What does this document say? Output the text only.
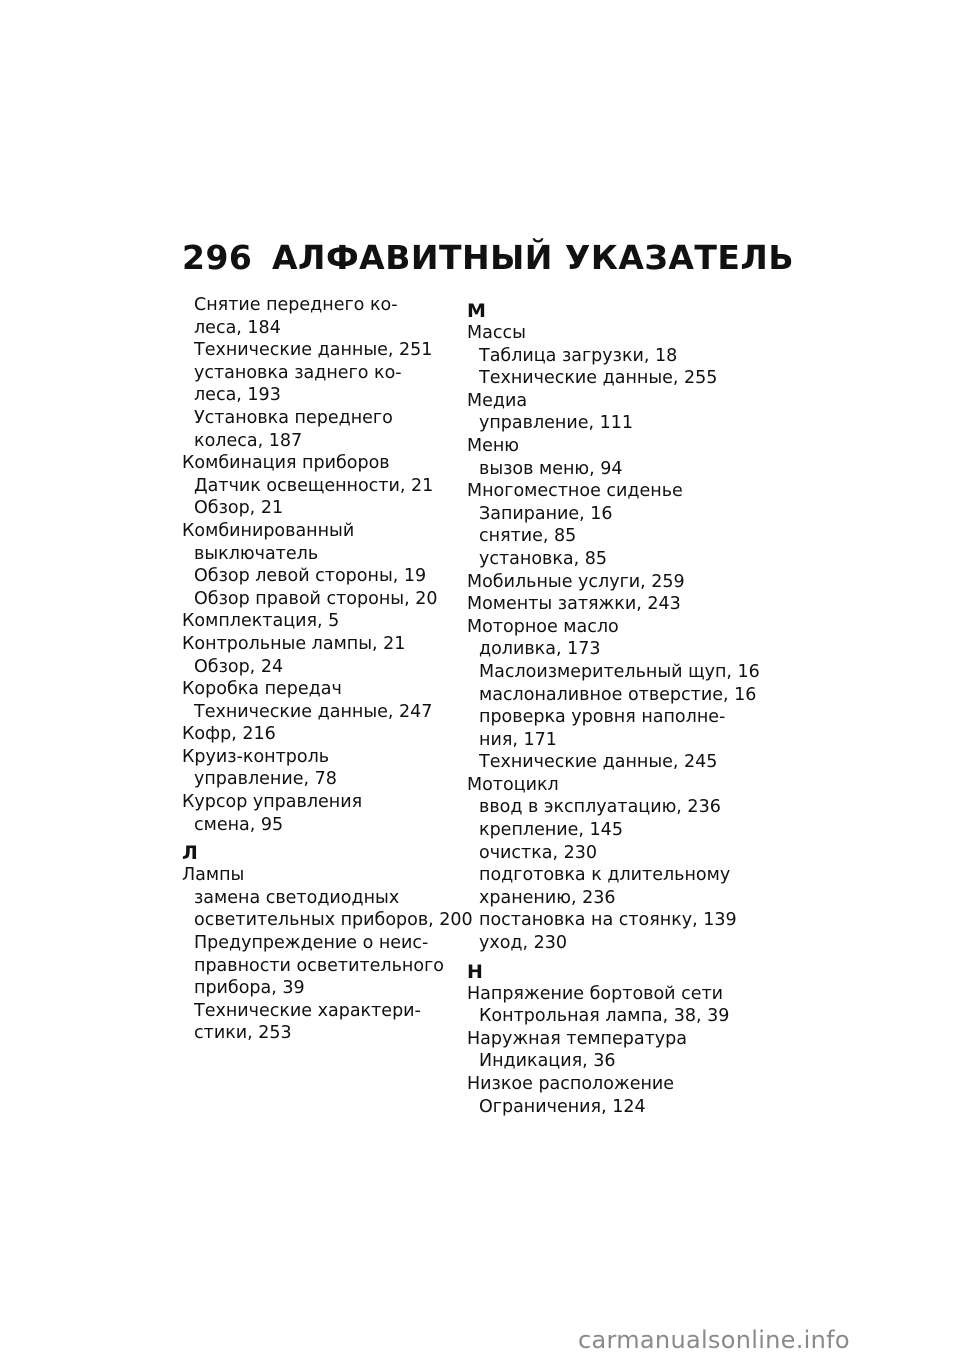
296 АЛФАВИТНЫЙ УКАЗАТЕЛЬ
Снятие переднего ко-
леса, 184
Технические данные, 251
установка заднего ко-
леса, 193
Установка переднего
колеса, 187
Комбинация приборов
Датчик освещенности, 21
Обзор, 21
Комбинированный
выключатель
Обзор левой стороны, 19
Обзор правой стороны, 20
Комплектация, 5
Контрольные лампы, 21
Обзор, 24
Коробка передач
Технические данные, 247
Кофр, 216
Круиз-контроль
управление, 78
Курсор управления
смена, 95
Л
Лампы
замена светодиодных
осветительных приборов, 200
Предупреждение о неис-
правности осветительного
прибора, 39
Технические характери-
стики, 253
М
Массы
Таблица загрузки, 18
Технические данные, 255
Медиа
управление, 111
Меню
вызов меню, 94
Многоместное сиденье
Запирание, 16
снятие, 85
установка, 85
Мобильные услуги, 259
Моменты затяжки, 243
Моторное масло
доливка, 173
Маслоизмерительный щуп, 16
маслоналивное отверстие, 16
проверка уровня наполне-
ния, 171
Технические данные, 245
Мотоцикл
ввод в эксплуатацию, 236
крепление, 145
очистка, 230
подготовка к длительному
хранению, 236
постановка на стоянку, 139
уход, 230
Н
Напряжение бортовой сети
Контрольная лампа, 38, 39
Наружная температура
Индикация, 36
Низкое расположение
Ограничения, 124
carmanualsonline.info
